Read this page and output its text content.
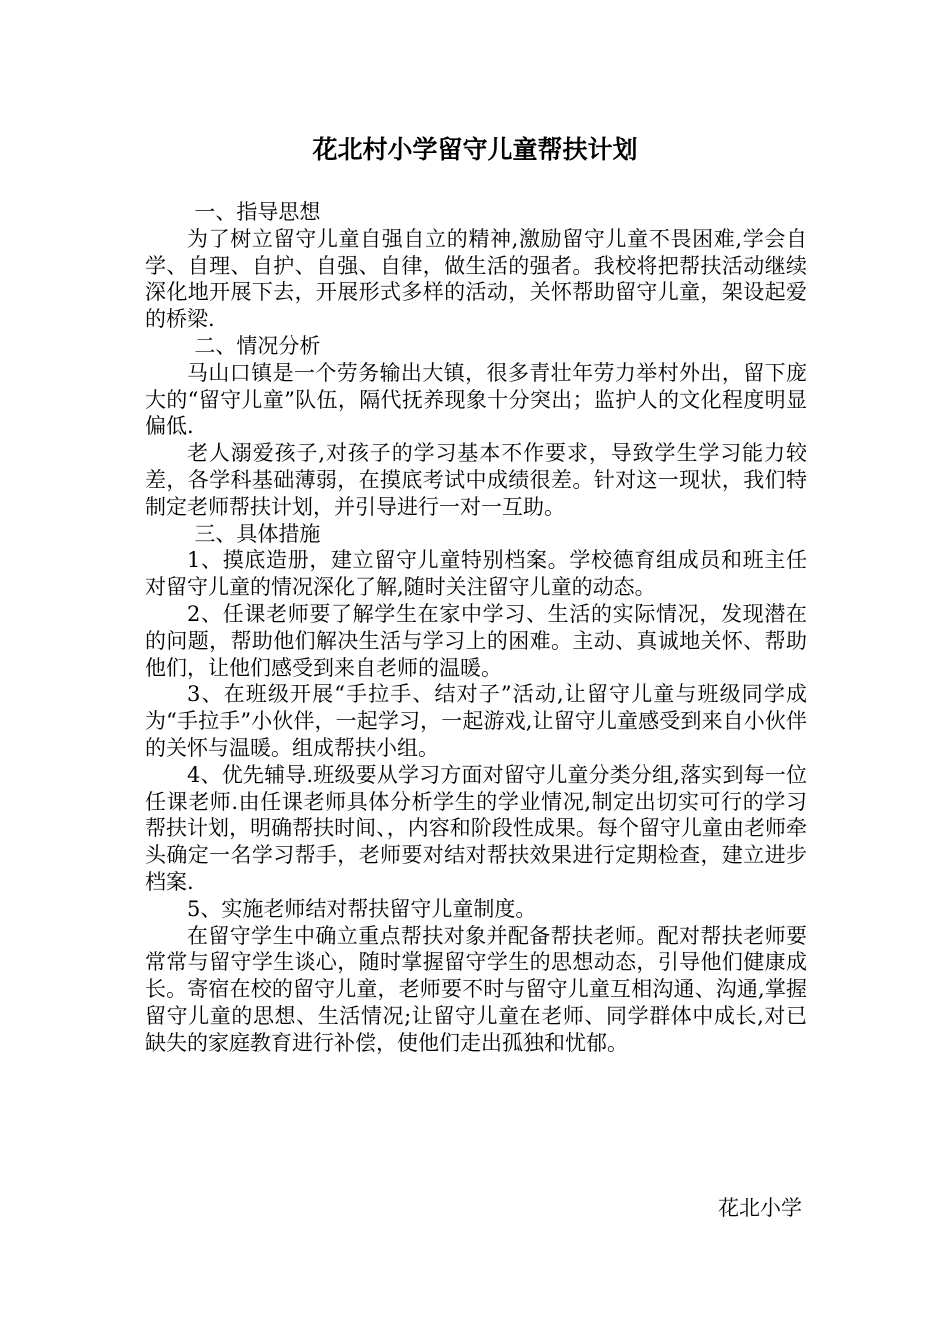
花北村小学留守儿童帮扶计划

一、指导思想

为了树立留守儿童自强自立的精神,激励留守儿童不畏困难,学会自学、自理、自护、自强、自律，做生活的强者。我校将把帮扶活动继续深化地开展下去，开展形式多样的活动，关怀帮助留守儿童，架设起爱的桥梁.

二、情况分析

马山口镇是一个劳务输出大镇，很多青壮年劳力举村外出，留下庞大的“留守儿童”队伍，隔代抚养现象十分突出；监护人的文化程度明显偏低.

老人溺爱孩子,对孩子的学习基本不作要求，导致学生学习能力较差，各学科基础薄弱，在摸底考试中成绩很差。针对这一现状，我们特制定老师帮扶计划，并引导进行一对一互助。

三、具体措施

1、摸底造册，建立留守儿童特别档案。学校德育组成员和班主任对留守儿童的情况深化了解,随时关注留守儿童的动态。

2、任课老师要了解学生在家中学习、生活的实际情况，发现潜在的问题，帮助他们解决生活与学习上的困难。主动、真诚地关怀、帮助他们，让他们感受到来自老师的温暖。

3、在班级开展“手拉手、结对子”活动,让留守儿童与班级同学成为“手拉手”小伙伴，一起学习，一起游戏,让留守儿童感受到来自小伙伴的关怀与温暖。组成帮扶小组。

4、优先辅导.班级要从学习方面对留守儿童分类分组,落实到每一位任课老师.由任课老师具体分析学生的学业情况,制定出切实可行的学习帮扶计划，明确帮扶时间、，内容和阶段性成果。每个留守儿童由老师牵头确定一名学习帮手，老师要对结对帮扶效果进行定期检查，建立进步档案.

5、实施老师结对帮扶留守儿童制度。

在留守学生中确立重点帮扶对象并配备帮扶老师。配对帮扶老师要常常与留守学生谈心，随时掌握留守学生的思想动态，引导他们健康成长。寄宿在校的留守儿童，老师要不时与留守儿童互相沟通、沟通,掌握留守儿童的思想、生活情况;让留守儿童在老师、同学群体中成长,对已缺失的家庭教育进行补偿，使他们走出孤独和忧郁。

花北小学
